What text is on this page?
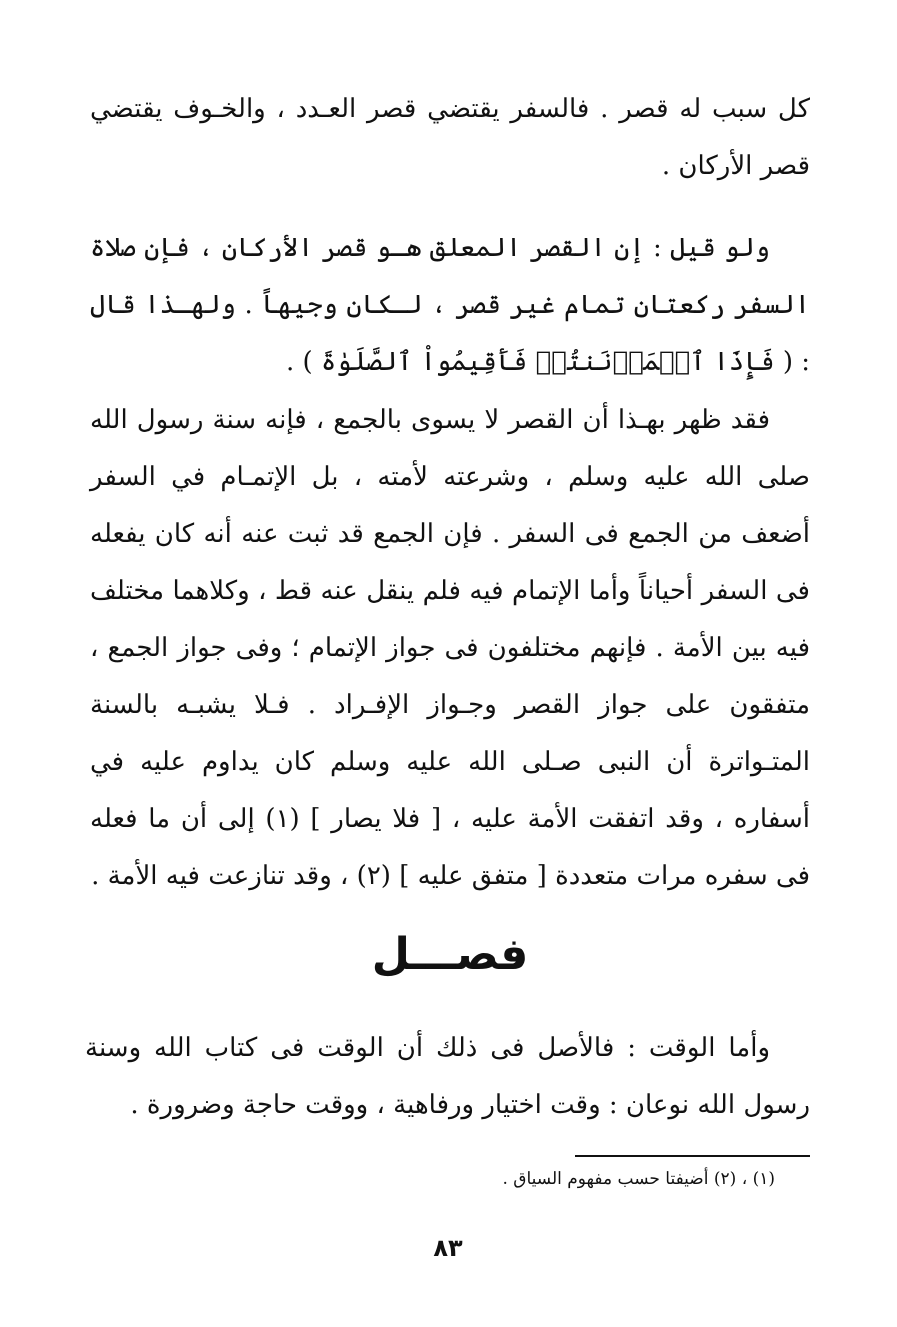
كل سبب له قصر . فالسفر يقتضي قصر العـدد ، والخـوف يقتضي قصر الأركان .

ولو قيل : إن القصر المعلق هـو قصر الأركان ، فإن صلاة السفر ركعتان تمام غير قصر ، لـكان وجيهاً . ولهـذا قال : ( فَإِذَا ٱطۡمَأۡنَنتُمۡ فَأَقِيمُواْ ٱلصَّلَوٰةَ ) .

فقد ظهر بهـذا أن القصر لا يسوى بالجمع ، فإنه سنة رسول الله صلى الله عليه وسلم ، وشرعته لأمته ، بل الإتمـام في السفر أضعف من الجمع فى السفر . فإن الجمع قد ثبت عنه أنه كان يفعله فى السفر أحياناً وأما الإتمام فيه فلم ينقل عنه قط ، وكلاهما مختلف فيه بين الأمة . فإنهم مختلفون فى جواز الإتمام ؛ وفى جواز الجمع ، متفقون على جواز القصر وجـواز الإفـراد . فـلا يشبـه بالسنة المتـواترة أن النبى صـلى الله عليه وسلم كان يداوم عليه في أسفاره ، وقد اتفقت الأمة عليه ، [ فلا يصار ] (١) إلى أن ما فعله فى سفره مرات متعددة [ متفق عليه ] (٢) ، وقد تنازعت فيه الأمة .

فصـــل

وأما الوقت : فالأصل فى ذلك أن الوقت فى كتاب الله وسنة رسول الله نوعان : وقت اختيار ورفاهية ، ووقت حاجة وضرورة .

(١) ، (٢) أضيفتا حسب مفهوم السياق .

٨٣
